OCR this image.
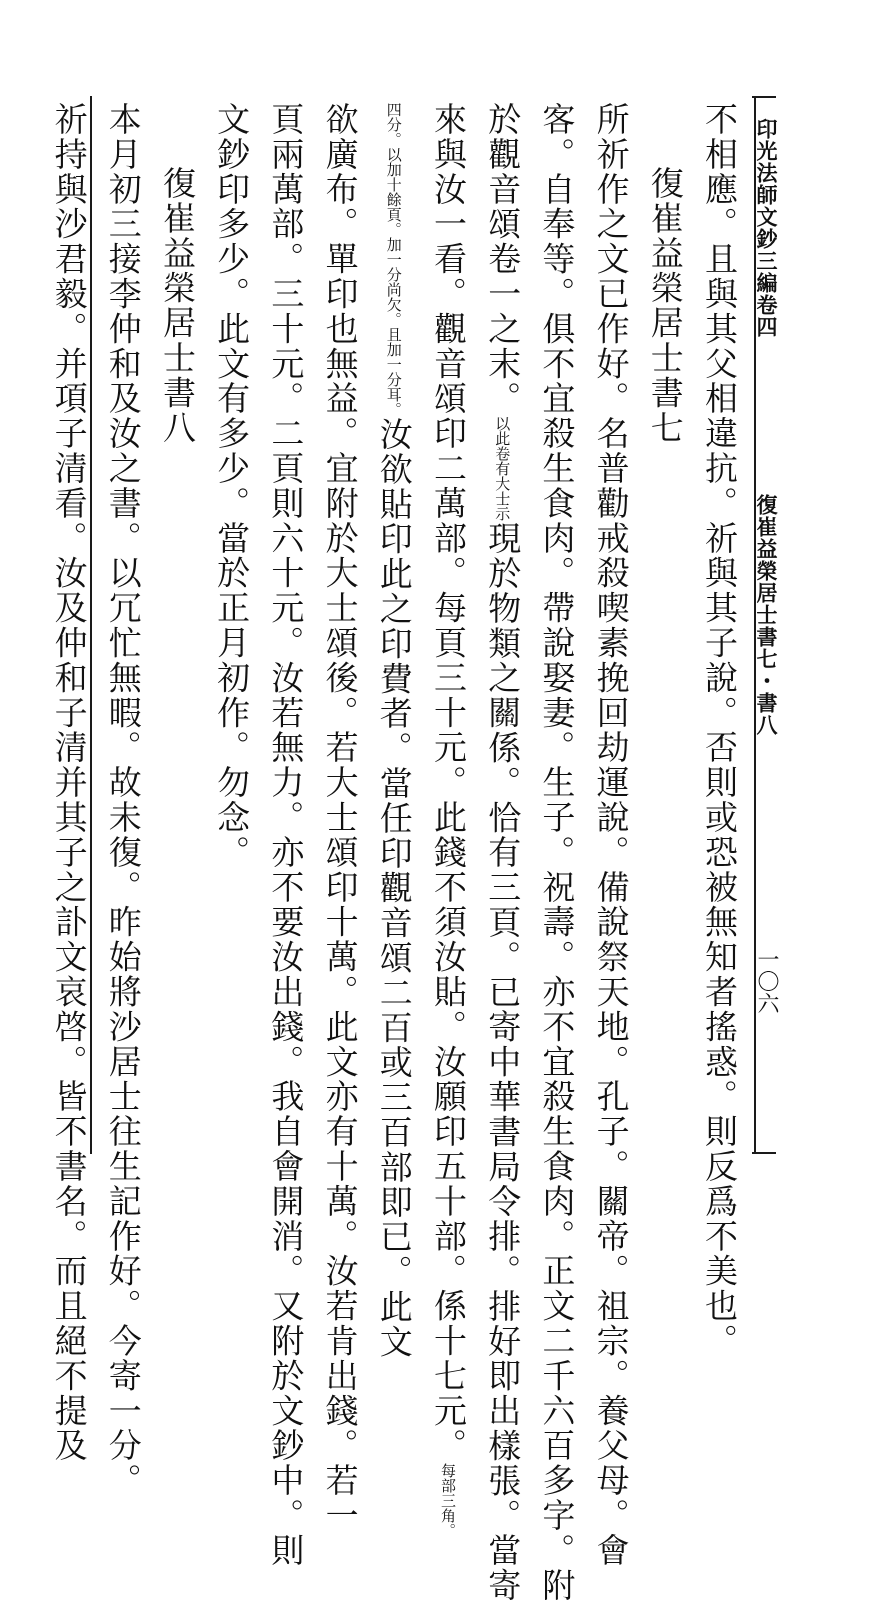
印光法師文鈔三編卷四
復崔益榮居士書七・書八
一〇六
不相應。且與其父相違抗。祈與其子說。否則或恐被無知者搖惑。則反爲不美也。
復崔益榮居士書七
所祈作之文已作好。名普勸戒殺喫素挽回劫運說。備說祭天地。孔子。關帝。祖宗。養父母。會
客。自奉等。俱不宜殺生食肉。帶說娶妻。生子。祝壽。亦不宜殺生食肉。正文二千六百多字。附
於觀音頌卷一之末。以此卷有大士示現於物類之關係。恰有三頁。已寄中華書局令排。排好即出樣張。當寄
來與汝一看。觀音頌印二萬部。每頁三十元。此錢不須汝貼。汝願印五十部。係十七元。每部三角。
四分。以加十餘頁。加一分尚欠。且加一分耳。汝欲貼印此之印費者。當任印觀音頌二百或三百部即已。此文
欲廣布。單印也無益。宜附於大士頌後。若大士頌印十萬。此文亦有十萬。汝若肯出錢。若一
頁兩萬部。三十元。二頁則六十元。汝若無力。亦不要汝出錢。我自會開消。又附於文鈔中。則
文鈔印多少。此文有多少。當於正月初作。勿念。
復崔益榮居士書八
本月初三接李仲和及汝之書。以冗忙無暇。故未復。昨始將沙居士往生記作好。今寄一分。
祈持與沙君毅。并項子清看。汝及仲和子清并其子之訃文哀啓。皆不書名。而且絕不提及
